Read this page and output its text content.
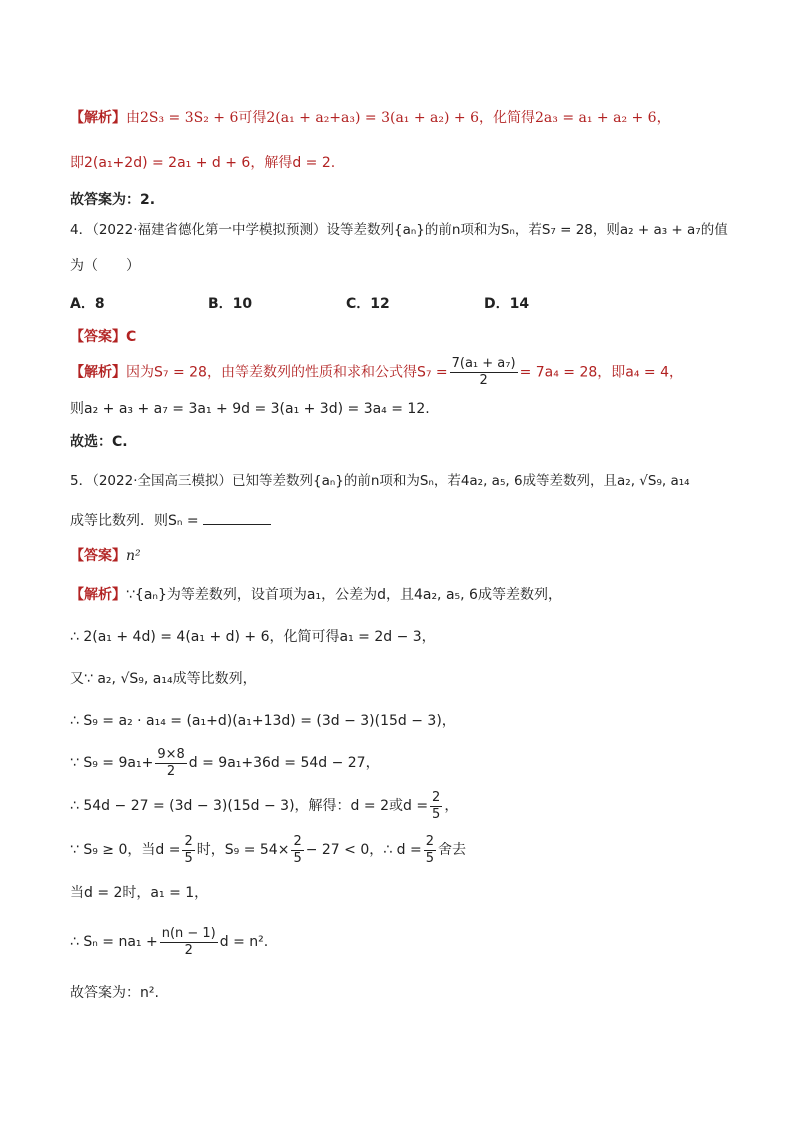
【解析】由2S₃ = 3S₂ + 6可得2(a₁ + a₂+a₃) = 3(a₁ + a₂) + 6，化简得2a₃ = a₁ + a₂ + 6，
即2(a₁+2d) = 2a₁ + d + 6，解得d = 2.
故答案为：2.
4．（2022·福建省德化第一中学模拟预测）设等差数列{aₙ}的前n项和为Sₙ，若S₇ = 28，则a₂ + a₃ + a₇的值
为（　　）
A．8	B．10	C．12	D．14
【答案】C
【解析】因为S₇ = 28，由等差数列的性质和求和公式得$S_7 = \frac{\text{7(a₁ + a₇)}}{2} = 7a_4 = 28$，即a₄ = 4，
则a₂ + a₃ + a₇ = 3a₁ + 9d = 3(a₁ + 3d) = 3a₄ = 12.
故选：C.
5．（2022·全国高三模拟）已知等差数列{aₙ}的前n项和为Sₙ，若4a₂, a₅, 6成等差数列，且a₂, √S₉, a₁₄
成等比数列．则Sₙ =
【答案】n²
【解析】∵{aₙ}为等差数列，设首项为a₁，公差为d，且4a₂, a₅, 6成等差数列，
∴ 2(a₁ + 4d) = 4(a₁ + d) + 6，化简可得a₁ = 2d − 3，
又∵ a₂, √S₉, a₁₄成等比数列，
∴ S₉ = a₂ · a₁₄ = (a₁+d)(a₁+13d) = (3d − 3)(15d − 3)，
∵ $S_9 = 9a_1+ \frac{9\times 8}{2}$ d = 9a₁+36d = 54d − 27，
∴ 54d − 27 = (3d − 3)(15d − 3)，解得：d = 2或$d = \frac{2}{5}$ ，
∵ S₉ ≥ 0，当$d = \frac{2}{5}$ 时，$S_9 = 54\times \frac{2}{5} - 27 < 0$，∴ $d = \frac{2}{5}$ 舍去
当d = 2时，a₁ = 1，
∴ $S_n = na_1 + \frac{n(n - 1)}{2}$ d = n².
故答案为：n².
